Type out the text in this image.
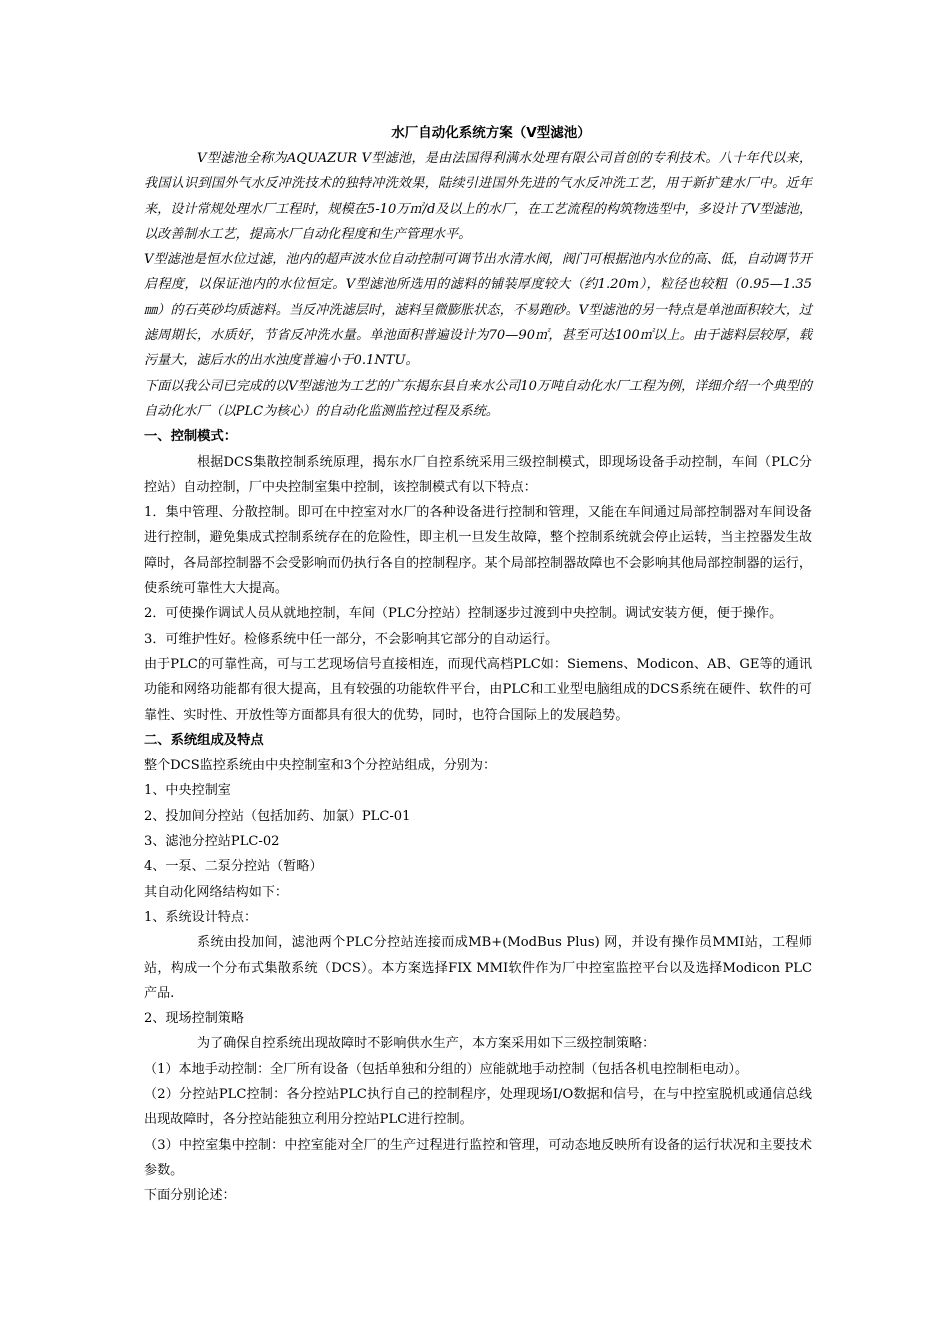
水厂自动化系统方案（V型滤池）

V型滤池全称为AQUAZUR V型滤池，是由法国得利满水处理有限公司首创的专利技术。八十年代以来，我国认识到国外气水反冲洗技术的独特冲洗效果，陆续引进国外先进的气水反冲洗工艺，用于新扩建水厂中。近年来，设计常规处理水厂工程时，规模在5-10万㎡/d及以上的水厂，在工艺流程的构筑物选型中，多设计了V型滤池，以改善制水工艺，提高水厂自动化程度和生产管理水平。

V型滤池是恒水位过滤，池内的超声波水位自动控制可调节出水清水阀，阀门可根据池内水位的高、低，自动调节开启程度，以保证池内的水位恒定。V型滤池所选用的滤料的铺装厚度较大（约1.20m），粒径也较粗（0.95—1.35㎜）的石英砂均质滤料。当反冲洗滤层时，滤料呈微膨胀状态，不易跑砂。V型滤池的另一特点是单池面积较大，过滤周期长，水质好，节省反冲洗水量。单池面积普遍设计为70—90㎡，甚至可达100㎡以上。由于滤料层较厚，载污量大，滤后水的出水浊度普遍小于0.1NTU。

下面以我公司已完成的以V型滤池为工艺的广东揭东县自来水公司10万吨自动化水厂工程为例，详细介绍一个典型的自动化水厂（以PLC为核心）的自动化监测监控过程及系统。

一、控制模式：

根据DCS集散控制系统原理，揭东水厂自控系统采用三级控制模式，即现场设备手动控制，车间（PLC分控站）自动控制，厂中央控制室集中控制，该控制模式有以下特点：

1．集中管理、分散控制。即可在中控室对水厂的各种设备进行控制和管理，又能在车间通过局部控制器对车间设备进行控制，避免集成式控制系统存在的危险性，即主机一旦发生故障，整个控制系统就会停止运转，当主控器发生故障时，各局部控制器不会受影响而仍执行各自的控制程序。某个局部控制器故障也不会影响其他局部控制器的运行，使系统可靠性大大提高。

2．可使操作调试人员从就地控制，车间（PLC分控站）控制逐步过渡到中央控制。调试安装方便，便于操作。

3．可维护性好。检修系统中任一部分，不会影响其它部分的自动运行。

由于PLC的可靠性高，可与工艺现场信号直接相连，而现代高档PLC如：Siemens、Modicon、AB、GE等的通讯功能和网络功能都有很大提高，且有较强的功能软件平台，由PLC和工业型电脑组成的DCS系统在硬件、软件的可靠性、实时性、开放性等方面都具有很大的优势，同时，也符合国际上的发展趋势。

二、系统组成及特点

整个DCS监控系统由中央控制室和3个分控站组成，分别为：

1、中央控制室

2、投加间分控站（包括加药、加氯）PLC-01

3、滤池分控站PLC-02

4、一泵、二泵分控站（暂略）

其自动化网络结构如下：

1、系统设计特点：

系统由投加间，滤池两个PLC分控站连接而成MB+(ModBus Plus) 网，并设有操作员MMI站，工程师站，构成一个分布式集散系统（DCS）。本方案选择FIX MMI软件作为厂中控室监控平台以及选择Modicon PLC产品.

2、现场控制策略

为了确保自控系统出现故障时不影响供水生产，本方案采用如下三级控制策略：

（1）本地手动控制：全厂所有设备（包括单独和分组的）应能就地手动控制（包括各机电控制柜电动）。

（2）分控站PLC控制：各分控站PLC执行自己的控制程序，处理现场I/O数据和信号，在与中控室脱机或通信总线出现故障时，各分控站能独立利用分控站PLC进行控制。

（3）中控室集中控制：中控室能对全厂的生产过程进行监控和管理，可动态地反映所有设备的运行状况和主要技术参数。

下面分别论述：
